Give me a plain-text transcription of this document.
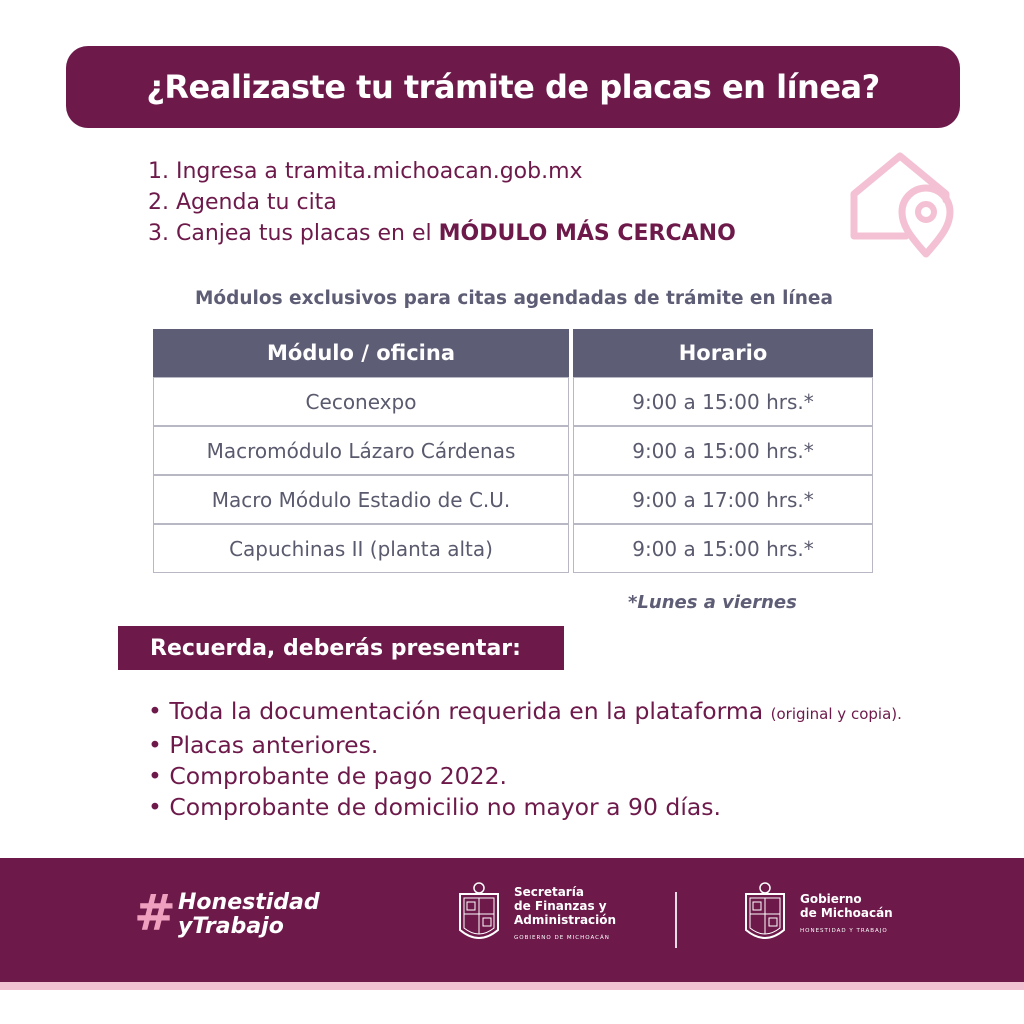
¿Realizaste tu trámite de placas en línea?
1. Ingresa a tramita.michoacan.gob.mx
2. Agenda tu cita
3. Canjea tus placas en el MÓDULO MÁS CERCANO
Módulos exclusivos para citas agendadas de trámite en línea
Módulo / oficina		Horario
Ceconexpo		9:00 a 15:00 hrs.*
Macromódulo Lázaro Cárdenas		9:00 a 15:00 hrs.*
Macro Módulo Estadio de C.U.		9:00 a 17:00 hrs.*
Capuchinas II (planta alta)		9:00 a 15:00 hrs.*
*Lunes a viernes
Recuerda, deberás presentar:
• Toda la documentación requerida en la plataforma (original y copia).
• Placas anteriores.
• Comprobante de pago 2022.
• Comprobante de domicilio no mayor a 90 días.
# Honestidad
yTrabajo
Secretaría
de Finanzas y
Administración
GOBIERNO DE MICHOACÁN
Gobierno
de Michoacán
HONESTIDAD Y TRABAJO
